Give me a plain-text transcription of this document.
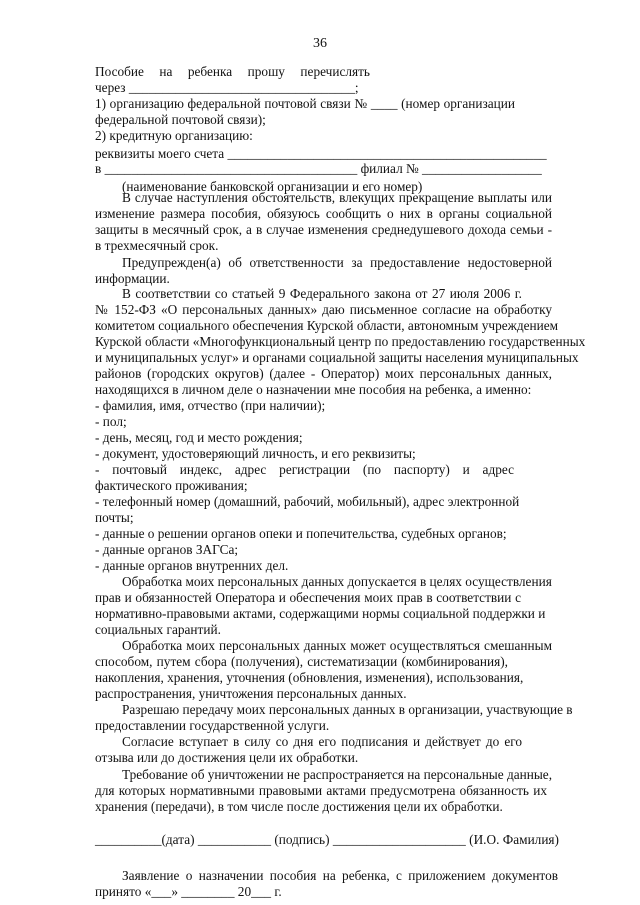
36
Пособие на ребенка прошу перечислять
через __________________________________;
1) организацию федеральной почтовой связи № ____ (номер организации
федеральной почтовой связи);
2) кредитную организацию:
реквизиты моего счета ________________________________________________
в ______________________________________ филиал № __________________
(наименование банковской организации и его номер)
В случае наступления обстоятельств, влекущих прекращение выплаты или
изменение размера пособия, обязуюсь сообщить о них в органы социальной
защиты в месячный срок, а в случае изменения среднедушевого дохода семьи -
в трехмесячный срок.
Предупрежден(а) об ответственности за предоставление недостоверной
информации.
В соответствии со статьей 9 Федерального закона от 27 июля 2006 г.
№ 152-ФЗ «О персональных данных» даю письменное согласие на обработку
комитетом социального обеспечения Курской области, автономным учреждением
Курской области «Многофункциональный центр по предоставлению государственных
и муниципальных услуг» и органами социальной защиты населения муниципальных
районов (городских округов) (далее - Оператор) моих персональных данных,
находящихся в личном деле о назначении мне пособия на ребенка, а именно:
- фамилия, имя, отчество (при наличии);
- пол;
- день, месяц, год и место рождения;
- документ, удостоверяющий личность, и его реквизиты;
- почтовый индекс, адрес регистрации (по паспорту) и адрес
фактического проживания;
- телефонный номер (домашний, рабочий, мобильный), адрес электронной
почты;
- данные о решении органов опеки и попечительства, судебных органов;
- данные органов ЗАГСа;
- данные органов внутренних дел.
Обработка моих персональных данных допускается в целях осуществления
прав и обязанностей Оператора и обеспечения моих прав в соответствии с
нормативно-правовыми актами, содержащими нормы социальной поддержки и
социальных гарантий.
Обработка моих персональных данных может осуществляться смешанным
способом, путем сбора (получения), систематизации (комбинирования),
накопления, хранения, уточнения (обновления, изменения), использования,
распространения, уничтожения персональных данных.
Разрешаю передачу моих персональных данных в организации, участвующие в
предоставлении государственной услуги.
Согласие вступает в силу со дня его подписания и действует до его
отзыва или до достижения цели их обработки.
Требование об уничтожении не распространяется на персональные данные,
для которых нормативными правовыми актами предусмотрена обязанность их
хранения (передачи), в том числе после достижения цели их обработки.
__________(дата) ___________ (подпись) ____________________ (И.О. Фамилия)
Заявление о назначении пособия на ребенка, с приложением документов
принято «___» ________ 20___ г.
